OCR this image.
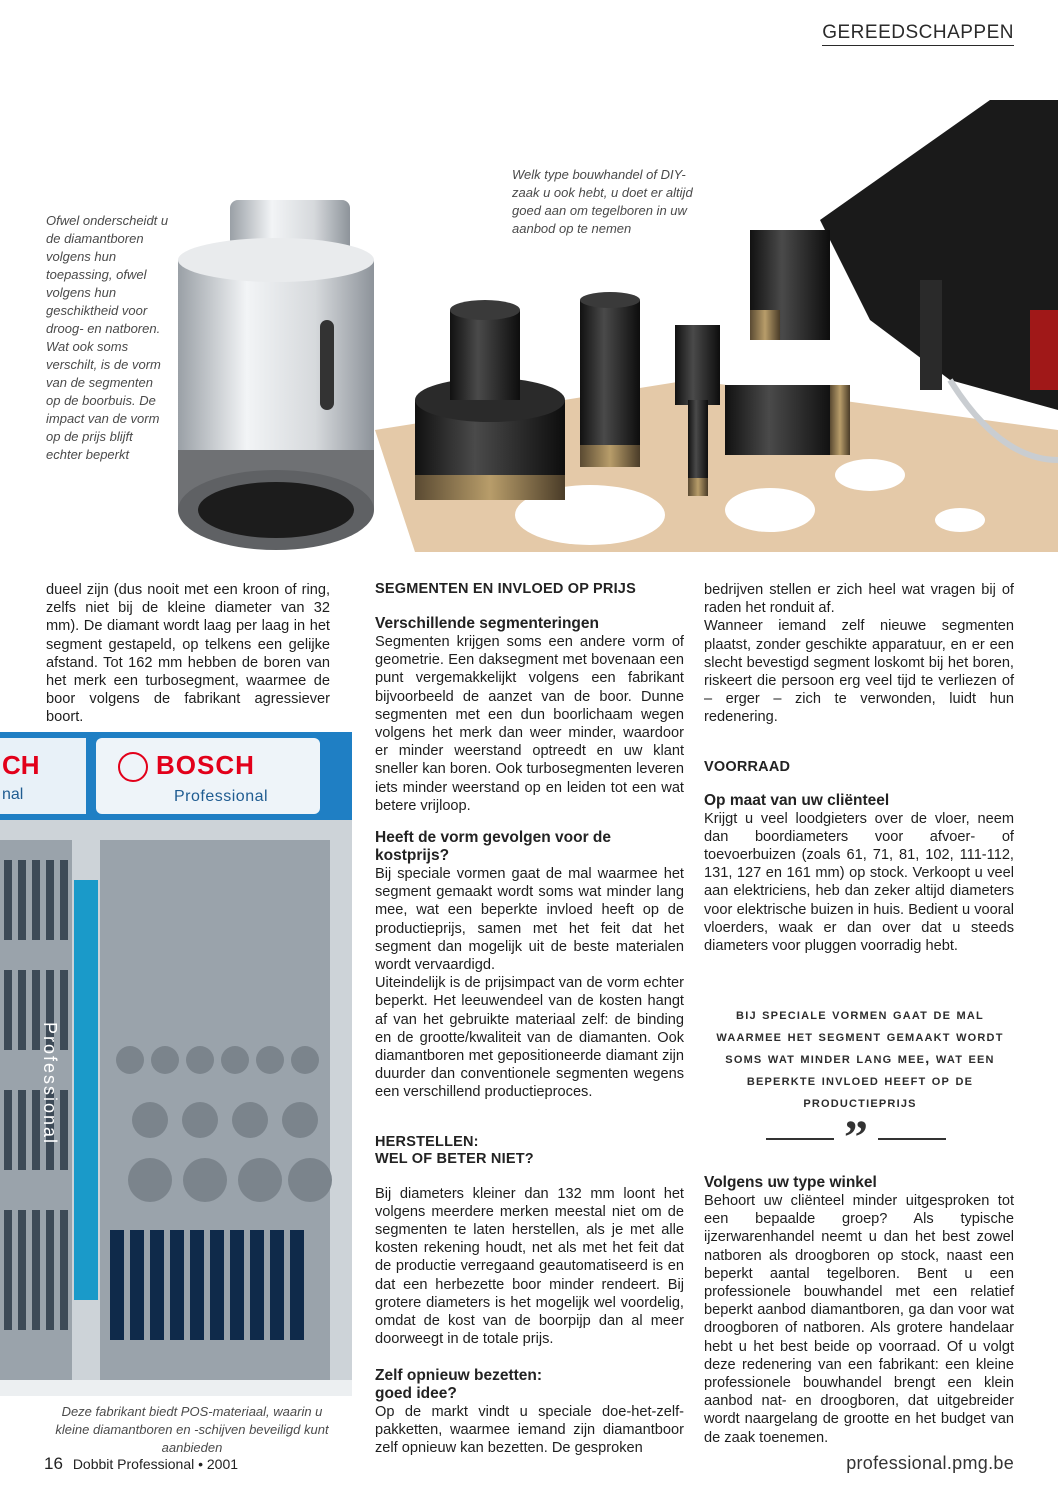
GEREEDSCHAPPEN
Ofwel onderscheidt u de diamantboren volgens hun toepassing, ofwel volgens hun geschiktheid voor droog- en natboren. Wat ook soms verschilt, is de vorm van de segmenten op de boorbuis. De impact van de vorm op de prijs blijft echter beperkt
Welk type bouwhandel of DIY-zaak u ook hebt, u doet er altijd goed aan om tegelboren in uw aanbod op te nemen

dueel zijn (dus nooit met een kroon of ring, zelfs niet bij de kleine diameter van 32 mm). De diamant wordt laag per laag in het segment gestapeld, op telkens een gelijke afstand. Tot 162 mm hebben de boren van het merk een turbosegment, waarmee de boor volgens de fabrikant agressiever boort.

CH
nal
BOSCH
Professional
Professional
Deze fabrikant biedt POS-materiaal, waarin u kleine diamantboren en -schijven beveiligd kunt aanbieden
SEGMENTEN EN INVLOED OP PRIJS
Verschillende segmenteringen

Segmenten krijgen soms een andere vorm of geometrie. Een daksegment met bovenaan een punt vergemakkelijkt volgens een fabrikant bijvoorbeeld de aanzet van de boor. Dunne segmenten met een dun boorlichaam wegen volgens het merk dan weer minder, waardoor er minder weerstand optreedt en uw klant sneller kan boren. Ook turbosegmenten leveren iets minder weerstand op en leiden tot een wat betere vrijloop.

Heeft de vorm gevolgen voor de kostprijs?

Bij speciale vormen gaat de mal waarmee het segment gemaakt wordt soms wat minder lang mee, wat een beperkte invloed heeft op de productieprijs, samen met het feit dat het segment dan mogelijk uit de beste materialen wordt vervaardigd.

Uiteindelijk is de prijsimpact van de vorm echter beperkt. Het leeuwendeel van de kosten hangt af van het gebruikte materiaal zelf: de binding en de grootte/kwaliteit van de diamanten. Ook diamantboren met gepositioneerde diamant zijn duurder dan conventionele segmenten wegens een verschillend productieproces.

HERSTELLEN:
WEL OF BETER NIET?

Bij diameters kleiner dan 132 mm loont het volgens meerdere merken meestal niet om de segmenten te laten herstellen, als je met alle kosten rekening houdt, net als met het feit dat de productie verregaand geautomatiseerd is en dat een herbezette boor minder rendeert. Bij grotere diameters is het mogelijk wel voordelig, omdat de kost van de boorpijp dan al meer doorweegt in de totale prijs.

Zelf opnieuw bezetten:
goed idee?

Op de markt vindt u speciale doe-het-zelf-pakketten, waarmee iemand zijn diamantboor zelf opnieuw kan bezetten. De gesproken

bedrijven stellen er zich heel wat vragen bij of raden het ronduit af.

Wanneer iemand zelf nieuwe segmenten plaatst, zonder geschikte apparatuur, en er een slecht bevestigd segment loskomt bij het boren, riskeert die persoon erg veel tijd te verliezen of – erger – zich te verwonden, luidt hun redenering.

VOORRAAD
Op maat van uw cliënteel

Krijgt u veel loodgieters over de vloer, neem dan boordiameters voor afvoer- of toevoerbuizen (zoals 61, 71, 81, 102, 111-112, 131, 127 en 161 mm) op stock. Verkoopt u veel aan elektriciens, heb dan zeker altijd diameters voor elektrische buizen in huis. Bedient u vooral vloerders, waak er dan over dat u steeds diameters voor pluggen voorradig hebt.

bij speciale vormen gaat de mal waarmee het segment gemaakt wordt soms wat minder lang mee, wat een beperkte invloed heeft op de productieprijs
”
Volgens uw type winkel

Behoort uw cliënteel minder uitgesproken tot een bepaalde groep? Als typische ijzerwarenhandel neemt u dan het best zowel natboren als droogboren op stock, naast een beperkt aantal tegelboren. Bent u een professionele bouwhandel met een relatief beperkt aanbod diamantboren, ga dan voor wat droogboren of natboren. Als grotere handelaar hebt u het best beide op voorraad. Of u volgt deze redenering van een fabrikant: een kleine professionele bouwhandel brengt een klein aanbod nat- en droogboren, dat uitgebreider wordt naargelang de grootte en het budget van de zaak toenemen.

16 Dobbit Professional • 2001	professional.pmg.be
